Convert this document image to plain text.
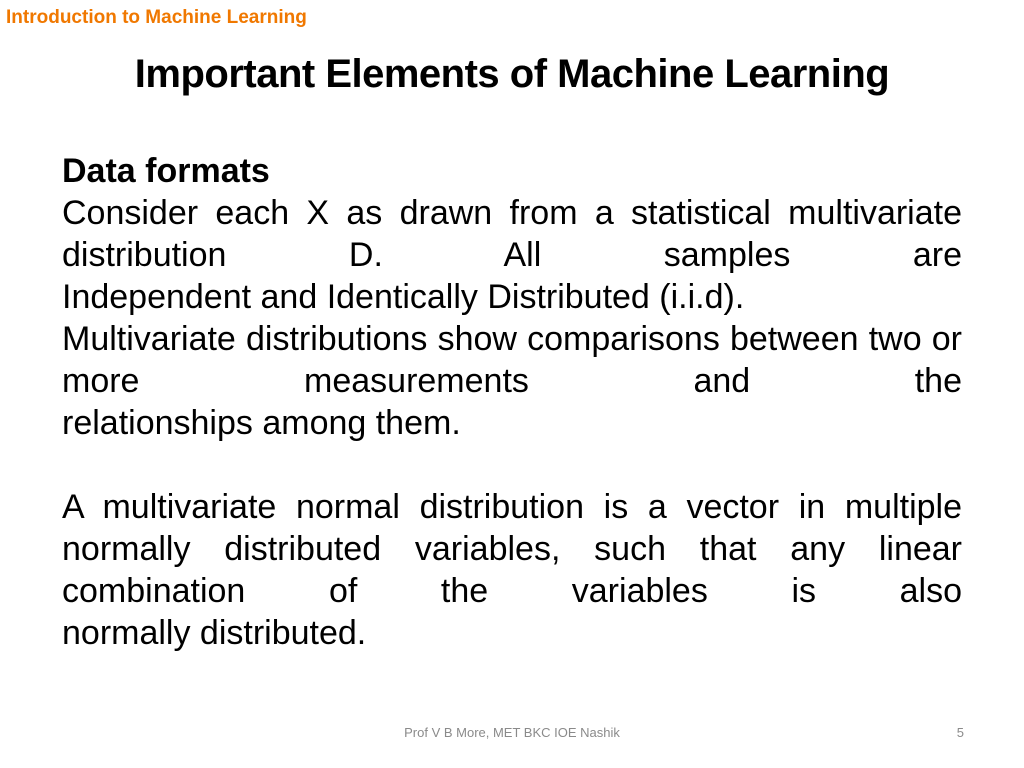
Introduction to Machine Learning
Important Elements of Machine Learning
Data formats
Consider each X as drawn from a statistical multivariate distribution D. All samples are
Independent and Identically Distributed (i.i.d).
Multivariate distributions show comparisons between two or more measurements and the
relationships among them.
A multivariate normal distribution is a vector in multiple normally distributed variables, such that any linear combination of the variables is also
normally distributed.
Prof V B More, MET BKC IOE Nashik	5
